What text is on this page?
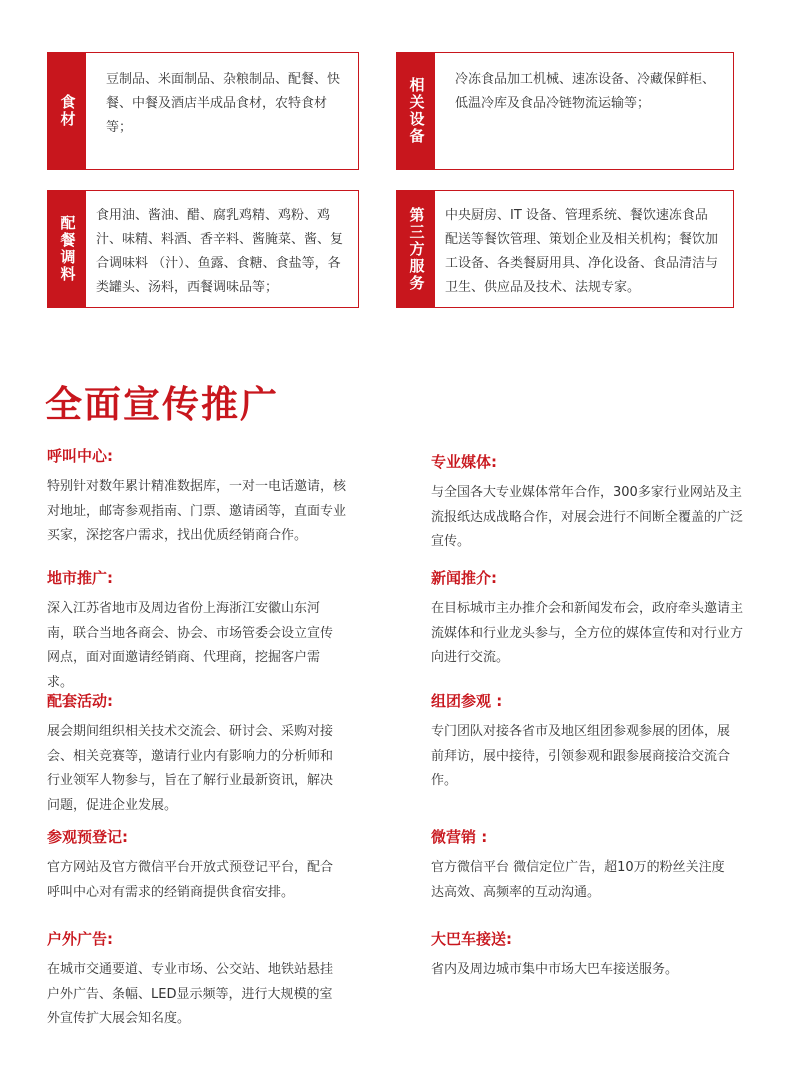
食材
豆制品、米面制品、杂粮制品、配餐、快餐、中餐及酒店半成品食材，农特食材等；	相关设备 冷冻食品加工机械、速冻设备、冷藏保鲜柜、低温冷库及食品冷链物流运输等；
配餐调料 食用油、酱油、醋、腐乳鸡精、鸡粉、鸡汁、味精、料酒、香辛料、酱腌菜、酱、复合调味料 （汁）、鱼露、食糖、食盐等，各类罐头、汤料，西餐调味品等；	第三方服务 中央厨房、IT 设备、管理系统、餐饮速冻食品配送等餐饮管理、策划企业及相关机构；餐饮加工设备、各类餐厨用具、净化设备、食品清洁与卫生、供应品及技术、法规专家。
全面宣传推广
呼叫中心:
特别针对数年累计精准数据库，一对一电话邀请，核对地址，邮寄参观指南、门票、邀请函等，直面专业买家，深挖客户需求，找出优质经销商合作。
专业媒体:
与全国各大专业媒体常年合作，300多家行业网站及主流报纸达成战略合作，对展会进行不间断全覆盖的广泛宣传。
地市推广:
深入江苏省地市及周边省份上海浙江安徽山东河南，联合当地各商会、协会、市场管委会设立宣传网点，面对面邀请经销商、代理商，挖掘客户需求。
新闻推介:
在目标城市主办推介会和新闻发布会，政府牵头邀请主流媒体和行业龙头参与，全方位的媒体宣传和对行业方向进行交流。
配套活动:
展会期间组织相关技术交流会、研讨会、采购对接会、相关竞赛等，邀请行业内有影响力的分析师和行业领军人物参与，旨在了解行业最新资讯，解决问题，促进企业发展。
组团参观 :
专门团队对接各省市及地区组团参观参展的团体，展前拜访，展中接待，引领参观和跟参展商接洽交流合作。
参观预登记:
官方网站及官方微信平台开放式预登记平台，配合呼叫中心对有需求的经销商提供食宿安排。
微营销 :
官方微信平台 微信定位广告，超10万的粉丝关注度达高效、高频率的互动沟通。
户外广告:
在城市交通要道、专业市场、公交站、地铁站悬挂户外广告、条幅、LED显示频等，进行大规模的室外宣传扩大展会知名度。
大巴车接送:
省内及周边城市集中市场大巴车接送服务。
